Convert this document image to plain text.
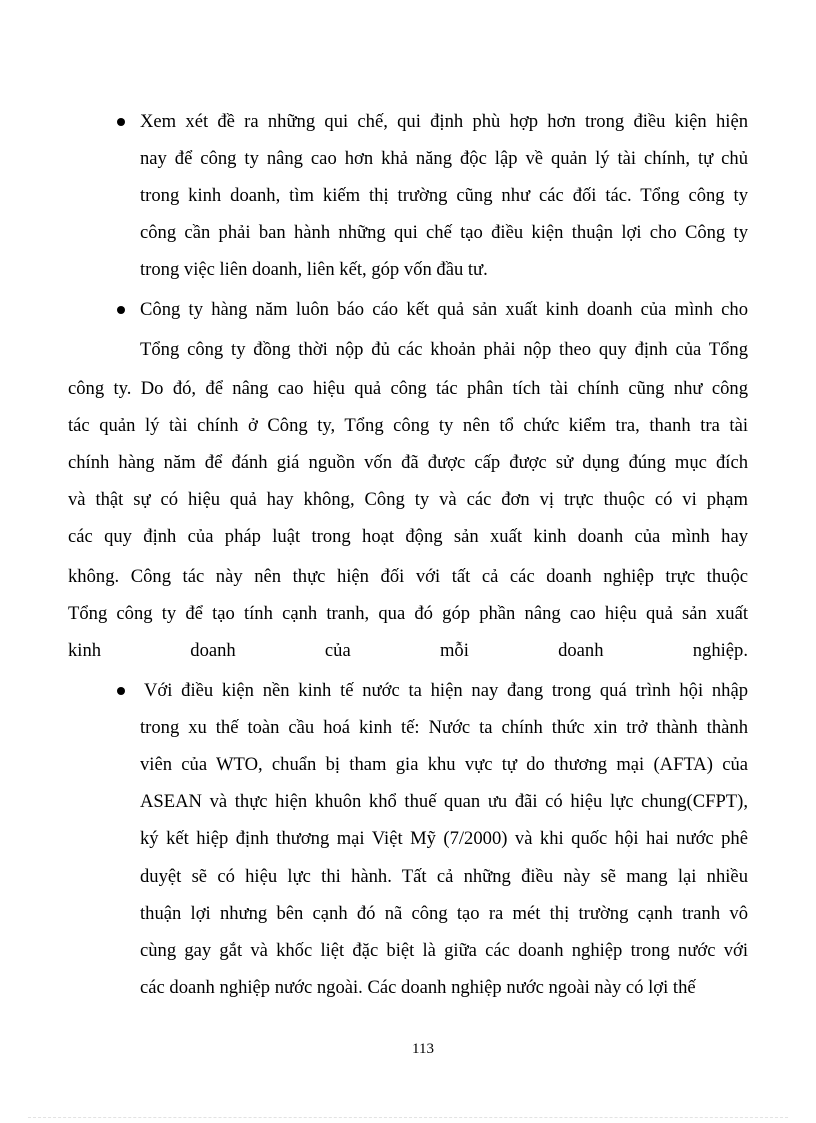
Xem xét đề ra những qui chế, qui định phù hợp hơn trong điều kiện hiện
nay để công ty nâng cao hơn khả năng độc lập về quản lý tài chính, tự chủ
trong kinh doanh, tìm kiếm thị trường cũng như các đối tác. Tổng công ty
công cần phải ban hành những qui chế tạo điều kiện thuận lợi cho Công ty
trong việc liên doanh, liên kết, góp vốn đầu tư.
Công ty hàng năm luôn báo cáo kết quả sản xuất kinh doanh của mình cho
Tổng công ty đồng thời nộp đủ các khoản phải nộp theo quy định của Tổng
công ty. Do đó, để nâng cao hiệu quả công tác phân tích tài chính cũng như công
tác quản lý tài chính ở Công ty, Tổng công ty nên tổ chức kiểm tra, thanh tra tài
chính hàng năm để đánh giá nguồn vốn đã được cấp được sử dụng đúng mục đích
và thật sự có hiệu quả hay không, Công ty và các đơn vị trực thuộc có vi phạm
các quy định của pháp luật trong hoạt động sản xuất kinh doanh của mình hay
không. Công tác này nên thực hiện đối với tất cả các doanh nghiệp trực thuộc
Tổng công ty để tạo tính cạnh tranh, qua đó góp phần nâng cao hiệu quả sản xuất
kinh doanh của mỗi doanh nghiệp.
Với điều kiện nền kinh tế nước ta hiện nay đang trong quá trình hội nhập
trong xu thế toàn cầu hoá kinh tế: Nước ta chính thức xin trở thành thành
viên của WTO, chuẩn bị tham gia khu vực tự do thương mại (AFTA) của
ASEAN và thực hiện khuôn khổ thuế quan ưu đãi có hiệu lực chung(CFPT),
ký kết hiệp định thương mại Việt Mỹ (7/2000) và khi quốc hội hai nước phê
duyệt sẽ có hiệu lực thi hành. Tất cả những điều này sẽ mang lại nhiều
thuận lợi nhưng bên cạnh đó nã công tạo ra mét thị trường cạnh tranh vô
cùng gay gắt và khốc liệt đặc biệt là giữa các doanh nghiệp trong nước với
các doanh nghiệp nước ngoài. Các doanh nghiệp nước ngoài này có lợi thế
113
